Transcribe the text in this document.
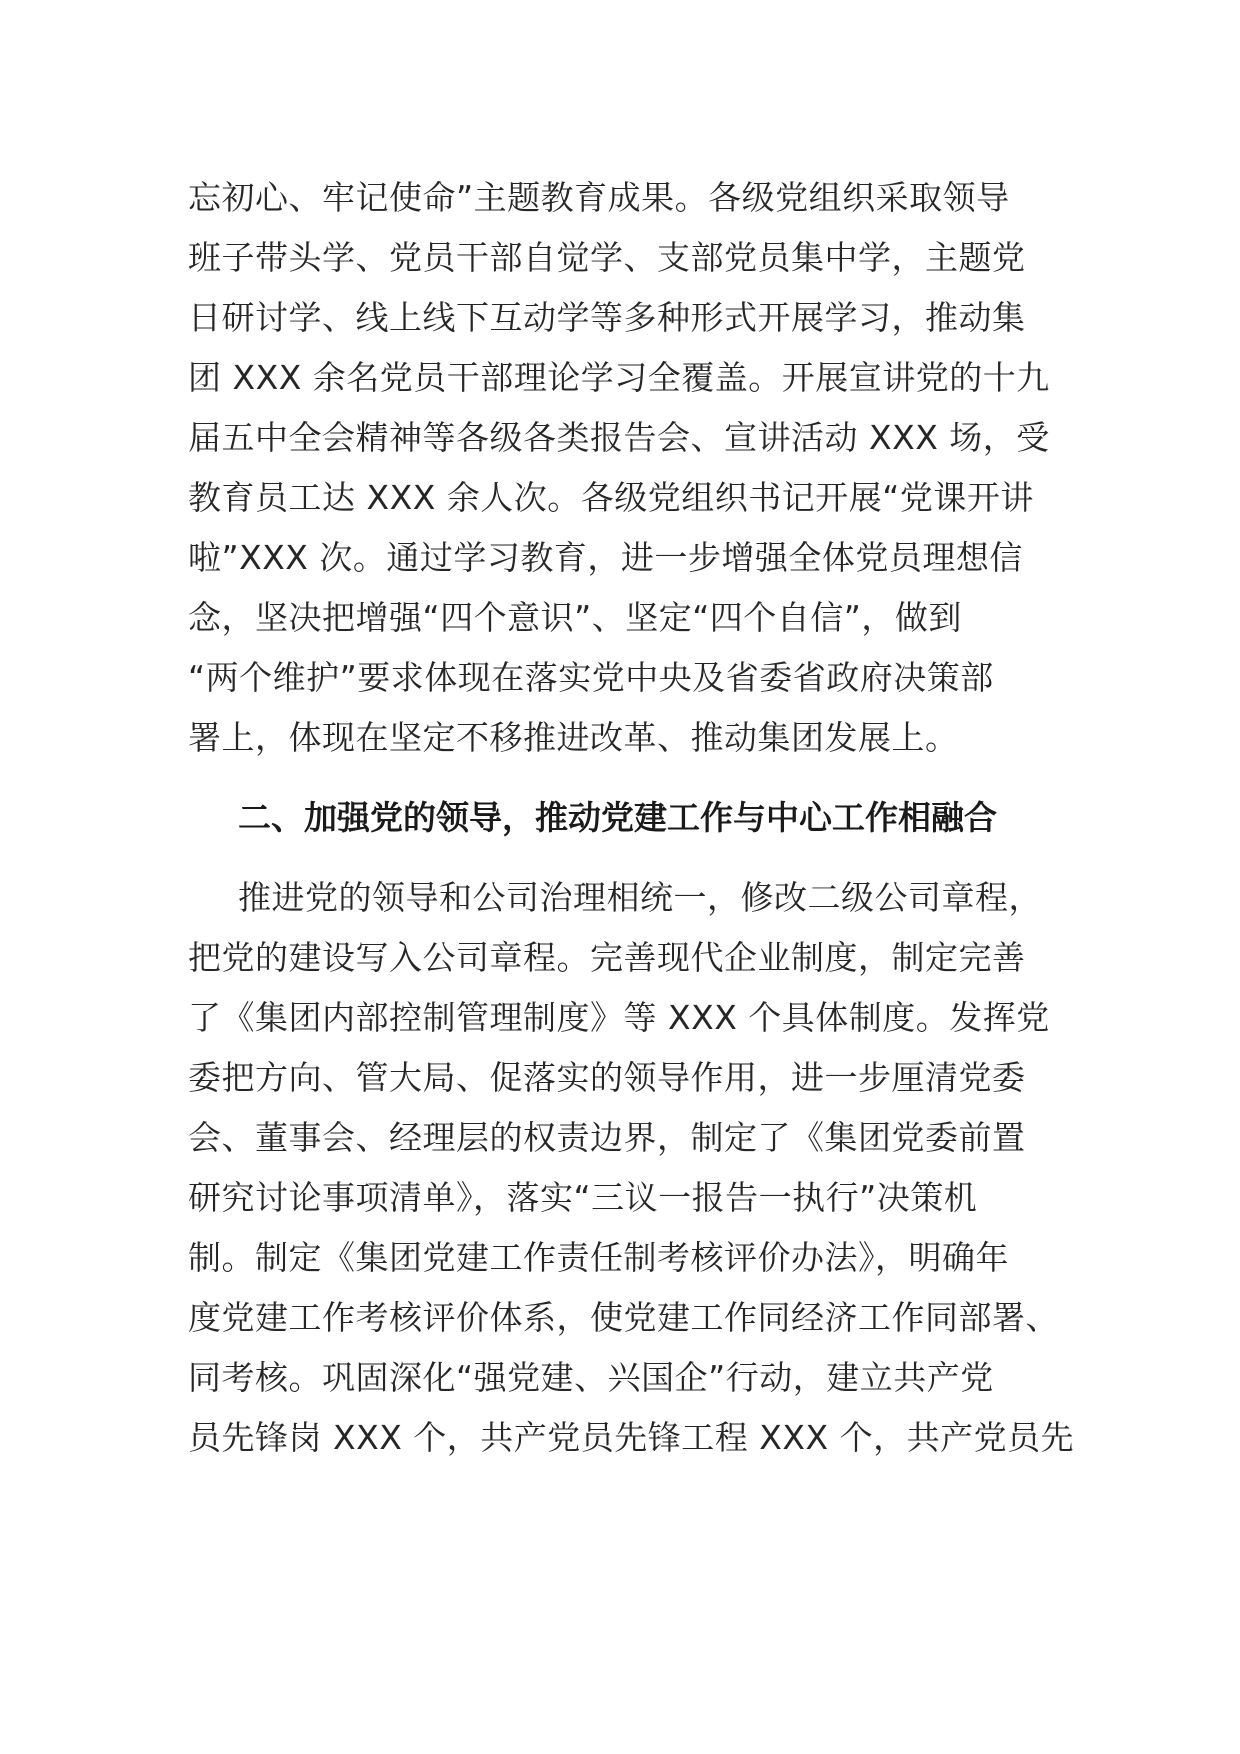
忘初心、牢记使命”主题教育成果。各级党组织采取领导
班子带头学、党员干部自觉学、支部党员集中学，主题党
日研讨学、线上线下互动学等多种形式开展学习，推动集
团 XXX 余名党员干部理论学习全覆盖。开展宣讲党的十九
届五中全会精神等各级各类报告会、宣讲活动 XXX 场，受
教育员工达 XXX 余人次。各级党组织书记开展“党课开讲
啦”XXX 次。通过学习教育，进一步增强全体党员理想信
念，坚决把增强“四个意识”、坚定“四个自信”，做到
“两个维护”要求体现在落实党中央及省委省政府决策部
署上，体现在坚定不移推进改革、推动集团发展上。
二、加强党的领导，推动党建工作与中心工作相融合
推进党的领导和公司治理相统一，修改二级公司章程，
把党的建设写入公司章程。完善现代企业制度，制定完善
了《集团内部控制管理制度》等 XXX 个具体制度。发挥党
委把方向、管大局、促落实的领导作用，进一步厘清党委
会、董事会、经理层的权责边界，制定了《集团党委前置
研究讨论事项清单》，落实“三议一报告一执行”决策机
制。制定《集团党建工作责任制考核评价办法》，明确年
度党建工作考核评价体系，使党建工作同经济工作同部署、
同考核。巩固深化“强党建、兴国企”行动，建立共产党
员先锋岗 XXX 个，共产党员先锋工程 XXX 个，共产党员先
